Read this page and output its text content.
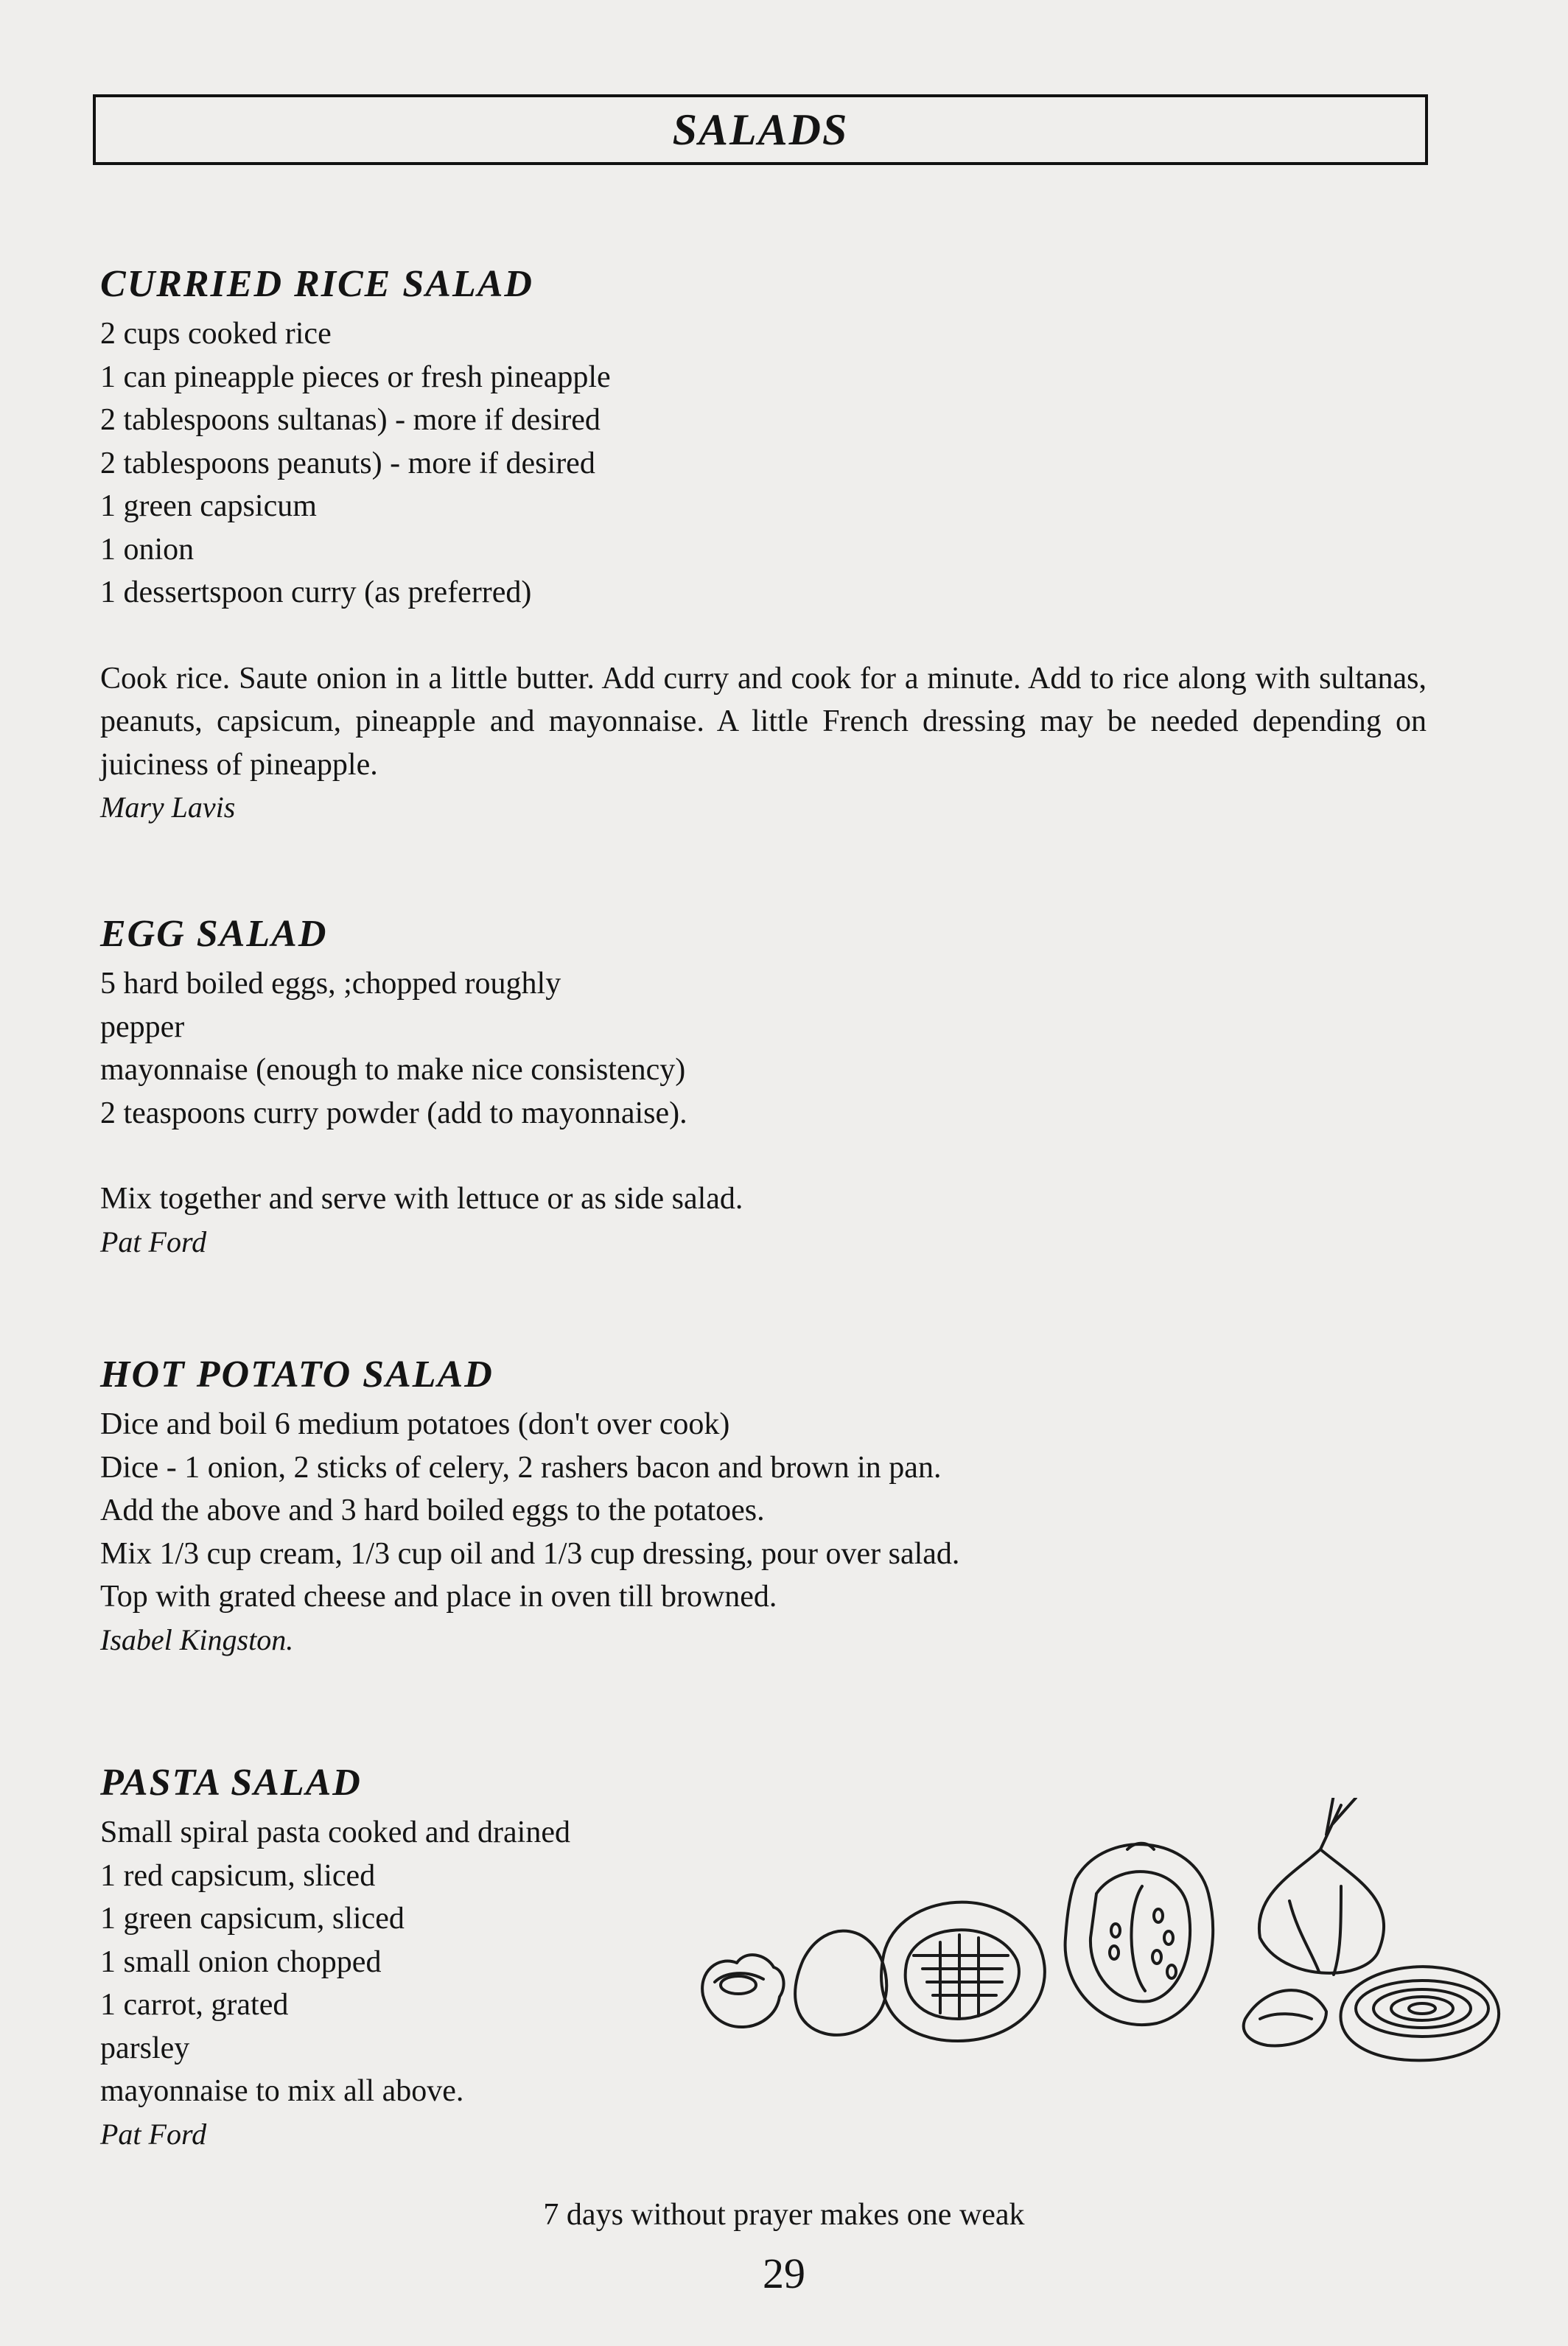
SALADS
CURRIED RICE SALAD
2 cups cooked rice
1 can pineapple pieces or fresh pineapple
2 tablespoons sultanas) - more if desired
2 tablespoons peanuts) - more if desired
1 green capsicum
1 onion
1 dessertspoon curry (as preferred)

Cook rice. Saute onion in a little butter. Add curry and cook for a minute. Add to rice along with sultanas, peanuts, capsicum, pineapple and mayonnaise. A little French dressing may be needed depending on juiciness of pineapple.

Mary Lavis

EGG SALAD
5 hard boiled eggs, ;chopped roughly
pepper
mayonnaise (enough to make nice consistency)
2 teaspoons curry powder (add to mayonnaise).

Mix together and serve with lettuce or as side salad.

Pat Ford

HOT POTATO SALAD
Dice and boil 6 medium potatoes (don't over cook)
Dice - 1 onion, 2 sticks of celery, 2 rashers bacon and brown in pan.
Add the above and 3 hard boiled eggs to the potatoes.
Mix 1/3 cup cream, 1/3 cup oil and 1/3 cup dressing, pour over salad.
Top with grated cheese and place in oven till browned.

Isabel Kingston.

PASTA SALAD
Small spiral pasta cooked and drained
1 red capsicum, sliced
1 green capsicum, sliced
1 small onion chopped
1 carrot, grated
parsley
mayonnaise to mix all above.

Pat Ford

7 days without prayer makes one weak
29
